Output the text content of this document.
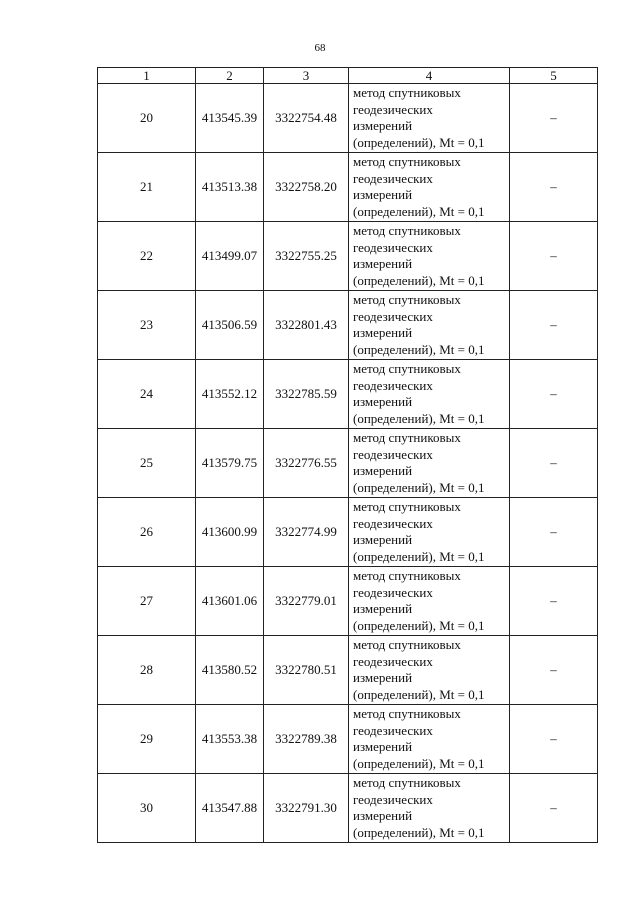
68
1	2	3	4	5
20	413545.39	3322754.48	метод спутниковых
геодезических
измерений
(определений), Mt = 0,1	–
21	413513.38	3322758.20	метод спутниковых
геодезических
измерений
(определений), Mt = 0,1	–
22	413499.07	3322755.25	метод спутниковых
геодезических
измерений
(определений), Mt = 0,1	–
23	413506.59	3322801.43	метод спутниковых
геодезических
измерений
(определений), Mt = 0,1	–
24	413552.12	3322785.59	метод спутниковых
геодезических
измерений
(определений), Mt = 0,1	–
25	413579.75	3322776.55	метод спутниковых
геодезических
измерений
(определений), Mt = 0,1	–
26	413600.99	3322774.99	метод спутниковых
геодезических
измерений
(определений), Mt = 0,1	–
27	413601.06	3322779.01	метод спутниковых
геодезических
измерений
(определений), Mt = 0,1	–
28	413580.52	3322780.51	метод спутниковых
геодезических
измерений
(определений), Mt = 0,1	–
29	413553.38	3322789.38	метод спутниковых
геодезических
измерений
(определений), Mt = 0,1	–
30	413547.88	3322791.30	метод спутниковых
геодезических
измерений
(определений), Mt = 0,1	–
